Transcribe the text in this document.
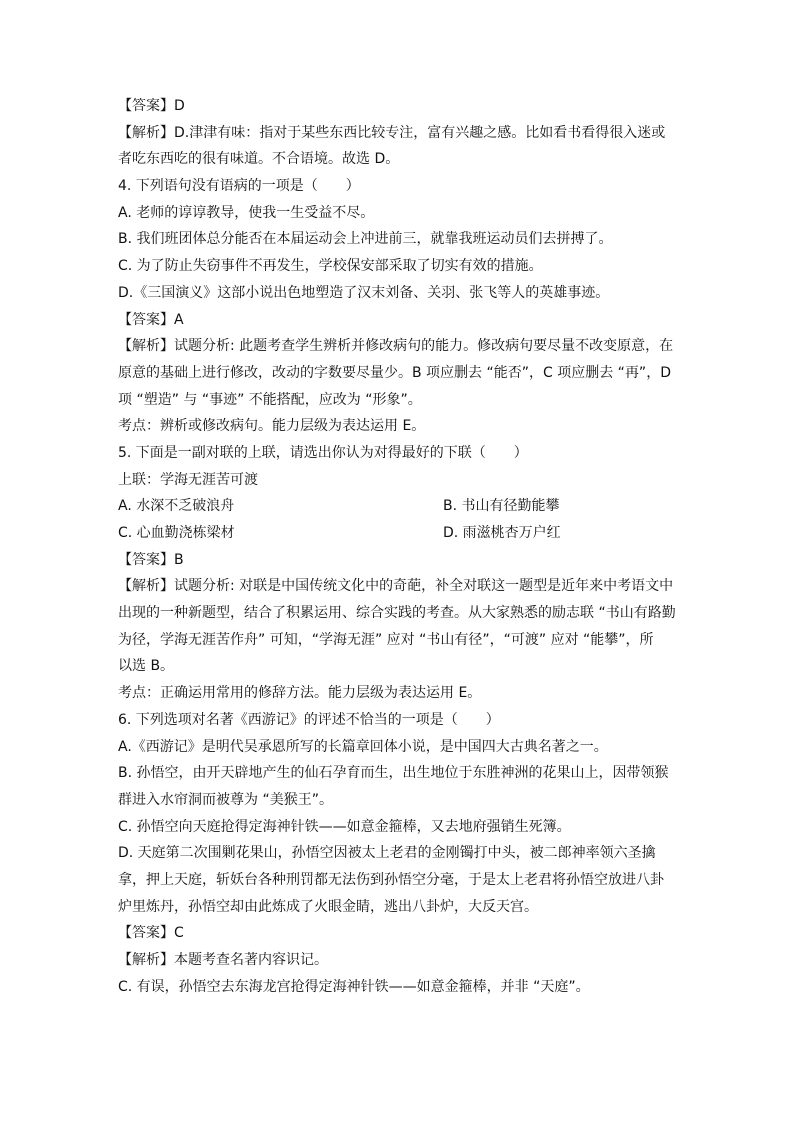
【答案】D
【解析】D.津津有味：指对于某些东西比较专注，富有兴趣之感。比如看书看得很入迷或
者吃东西吃的很有味道。不合语境。故选 D。
4. 下列语句没有语病的一项是（　　）
A. 老师的谆谆教导，使我一生受益不尽。
B. 我们班团体总分能否在本届运动会上冲进前三，就靠我班运动员们去拼搏了。
C. 为了防止失窃事件不再发生，学校保安部采取了切实有效的措施。
D.《三国演义》这部小说出色地塑造了汉末刘备、关羽、张飞等人的英雄事迹。
【答案】A
【解析】试题分析: 此题考查学生辨析并修改病句的能力。修改病句要尽量不改变原意，在
原意的基础上进行修改，改动的字数要尽量少。B 项应删去 “能否”，C 项应删去 “再”，D
项 “塑造” 与 “事迹” 不能搭配，应改为 “形象”。
考点：辨析或修改病句。能力层级为表达运用 E。
5. 下面是一副对联的上联，请选出你认为对得最好的下联（　　）
上联：学海无涯苦可渡
A. 水深不乏破浪舟	B. 书山有径勤能攀
C. 心血勤浇栋梁材	D. 雨滋桃杏万户红
【答案】B
【解析】试题分析: 对联是中国传统文化中的奇葩，补全对联这一题型是近年来中考语文中
出现的一种新题型，结合了积累运用、综合实践的考查。从大家熟悉的励志联 “书山有路勤
为径，学海无涯苦作舟” 可知，“学海无涯” 应对 “书山有径”，“可渡” 应对 “能攀”，所
以选 B。
考点：正确运用常用的修辞方法。能力层级为表达运用 E。
6. 下列选项对名著《西游记》的评述不恰当的一项是（　　）
A.《西游记》是明代吴承恩所写的长篇章回体小说，是中国四大古典名著之一。
B. 孙悟空，由开天辟地产生的仙石孕育而生，出生地位于东胜神洲的花果山上，因带领猴
群进入水帘洞而被尊为 “美猴王”。
C. 孙悟空向天庭抢得定海神针铁——如意金箍棒，又去地府强销生死簿。
D. 天庭第二次围剿花果山，孙悟空因被太上老君的金刚镯打中头，被二郎神率领六圣擒
拿，押上天庭，斩妖台各种刑罚都无法伤到孙悟空分毫，于是太上老君将孙悟空放进八卦
炉里炼丹，孙悟空却由此炼成了火眼金睛，逃出八卦炉，大反天宫。
【答案】C
【解析】本题考查名著内容识记。
C. 有误，孙悟空去东海龙宫抢得定海神针铁——如意金箍棒，并非 “天庭”。
